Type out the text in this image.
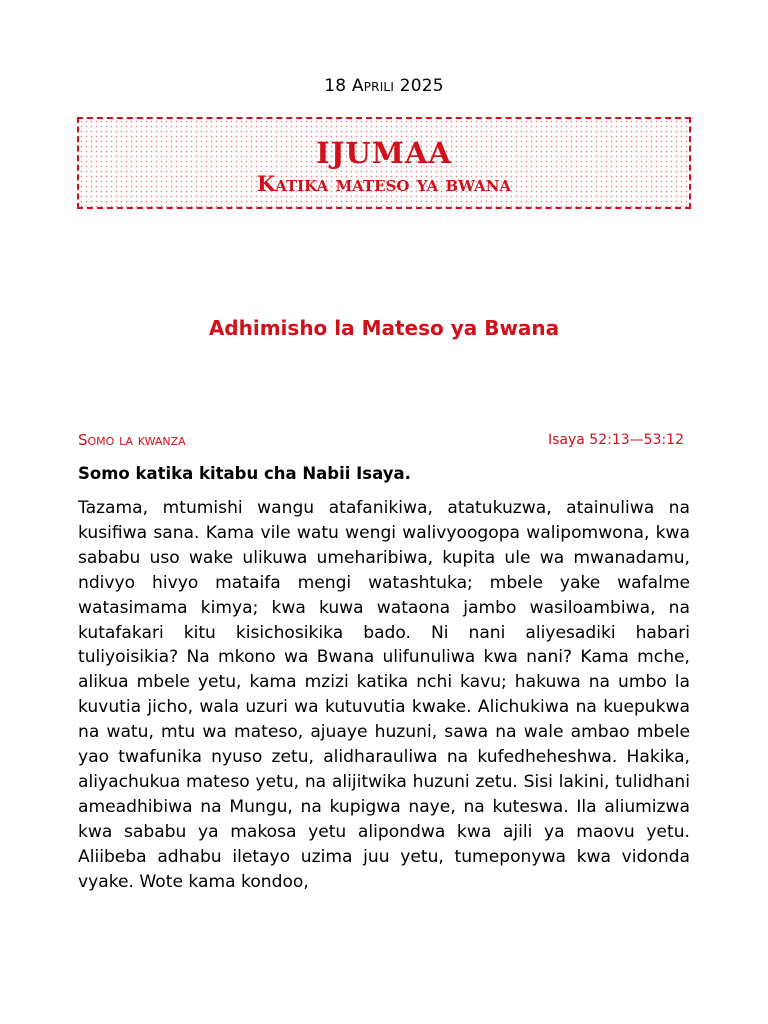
18 Aprili 2025
IJUMAA
Katika mateso ya bwana
Adhimisho la Mateso ya Bwana
Somo la kwanza	Isaya 52:13—53:12
Somo katika kitabu cha Nabii Isaya.
Tazama, mtumishi wangu atafanikiwa, atatukuzwa, atainuliwa na kusifiwa sana. Kama vile watu wengi walivyoogopa walipomwona, kwa sababu uso wake ulikuwa umeharibiwa, kupita ule wa mwanadamu, ndivyo hivyo mataifa mengi watashtuka; mbele yake wafalme watasimama kimya; kwa kuwa wataona jambo wasiloambiwa, na kutafakari kitu kisichosikika bado. Ni nani aliyesadiki habari tuliyoisikia? Na mkono wa Bwana ulifunuliwa kwa nani? Kama mche, alikua mbele yetu, kama mzizi katika nchi kavu; hakuwa na umbo la kuvutia jicho, wala uzuri wa kutuvutia kwake. Alichukiwa na kuepukwa na watu, mtu wa mateso, ajuaye huzuni, sawa na wale ambao mbele yao twafunika nyuso zetu, alidharauliwa na kufedheheshwa. Hakika, aliyachukua mateso yetu, na alijitwika huzuni zetu. Sisi lakini, tulidhani ameadhibiwa na Mungu, na kupigwa naye, na kuteswa. Ila aliumizwa kwa sababu ya makosa yetu alipondwa kwa ajili ya maovu yetu. Aliibeba adhabu iletayo uzima juu yetu, tumeponywa kwa vidonda vyake. Wote kama kondoo,
